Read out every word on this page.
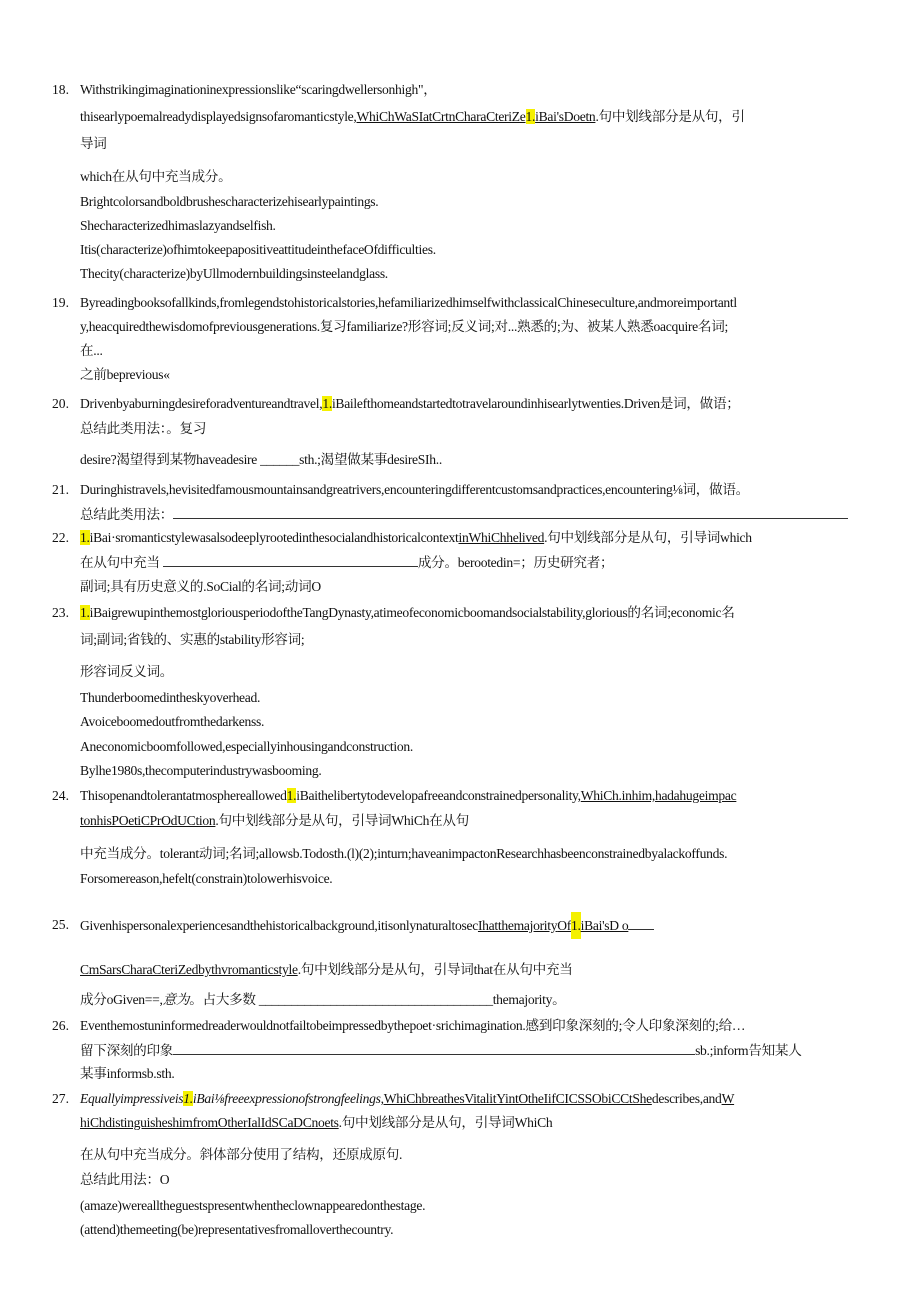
18. Withstrikingimaginationinexpressionslike“scaringdwellersonhigh"，
thisearlypoemalreadydisplayedsignsofaromanticstyle,WhiChWaSIatCrtnCharaCteriZe1.iBai'sDoetn.句中划线部分是从句，引
导词
which在从句中充当成分。
Brightcolorsandboldbrushescharacterizehisearlypaintings.
Shecharacterizedhimaslazyandselfish.
Itis(characterize)ofhimtokeepapositiveattitudeinthefaceOfdifficulties.
Thecity(characterize)byUllmodernbuildingsinsteelandglass.
19. Byreadingbooksofallkinds,fromlegendstohistoricalstories,hefamiliarizedhimselfwithclassicalChineseculture,andmoreimportantl
y,heacquiredthewisdomofpreviousgenerations.复习familiarize?形容词;反义词;对...熟悉的;为、被某人熟悉oacquire名词;
在...
之前beprevious«
20. Drivenbyaburningdesireforadventureandtravel,1.iBailefthomeandstartedtotravelaroundinhisearlytwenties.Driven是词，做语；
总结此类用法：。复习
desire?渴望得到某物haveadesire ______sth.;渴望做某事desireSIh..
21. Duringhistravels,hevisitedfamousmountainsandgreatrivers,encounteringdifferentcustomsandpractices,encountering⅛词，做语。
总结此类用法：
22. 1.iBai·sromanticstylewasalsodeeplyrootedinthesocialandhistoricalcontextinWhiChhelived.句中划线部分是从句，引导词which
在从句中充当	成分。berootedin=；历史研究者；
副词;具有历史意义的.SoCial的名词;动词O
23. 1.iBaigrewupinthemostgloriousperiodoftheTangDynasty,atimeofeconomicboomandsocialstability,glorious的名词;economic名
词;副词;省钱的、实惠的stability形容词;
形容词反义词。
Thunderboomedintheskyoverhead.
Avoiceboomedoutfromthedarkenss.
Aneconomicboomfollowed,especiallyinhousingandconstruction.
Bylhe1980s,thecomputerindustrywasbooming.
24. Thisopenandtolerantatmosphereallowed1.iBaithelibertytodevelopafreeandconstrainedpersonality,WhiCh.inhim,hadahugeimpac
tonhisPOetiCPrOdUCtion.句中划线部分是从句，引导词WhiCh在从句
中充当成分。tolerant动词;名词;allowsb.Todosth.(l)(2);inturn;haveanimpactonResearchhasbeenconstrainedbyalackoffunds.
Forsomereason,hefelt(constrain)tolowerhisvoice.
25. Givenhispersonalexperiencesandthehistoricalbackground,itisonlynaturaltosecIhatthemajorityOf1.iBai'sD o
CmSarsCharaCteriZedbythvromanticstyle.句中划线部分是从句，引导词that在从句中充当
成分oGiven==,意为。占大多数 ____________________________________themajority。
26. Eventhemostuninformedreaderwouldnotfailtobeimpressedbythepoet·srichimagination.感到印象深刻的;令人印象深刻的;给…
留下深刻的印象	sb.;inform告知某人
某事informsb.sth.
27. Equallyimpressiveis1.iBai⅛freeexpressionofstrongfeelings,WhiChbreathesVitalitYintOtheIifCICSSObiCCtShedescribes,andW
hiChdistinguisheshimfromOtherIalIdSCaDCnoets.句中划线部分是从句，引导词WhiCh
在从句中充当成分。斜体部分使用了结构，还原成原句.
总结此用法：O
(amaze)werealltheguestspresentwhentheclownappearedonthestage.
(attend)themeeting(be)representativesfromalloverthecountry.
